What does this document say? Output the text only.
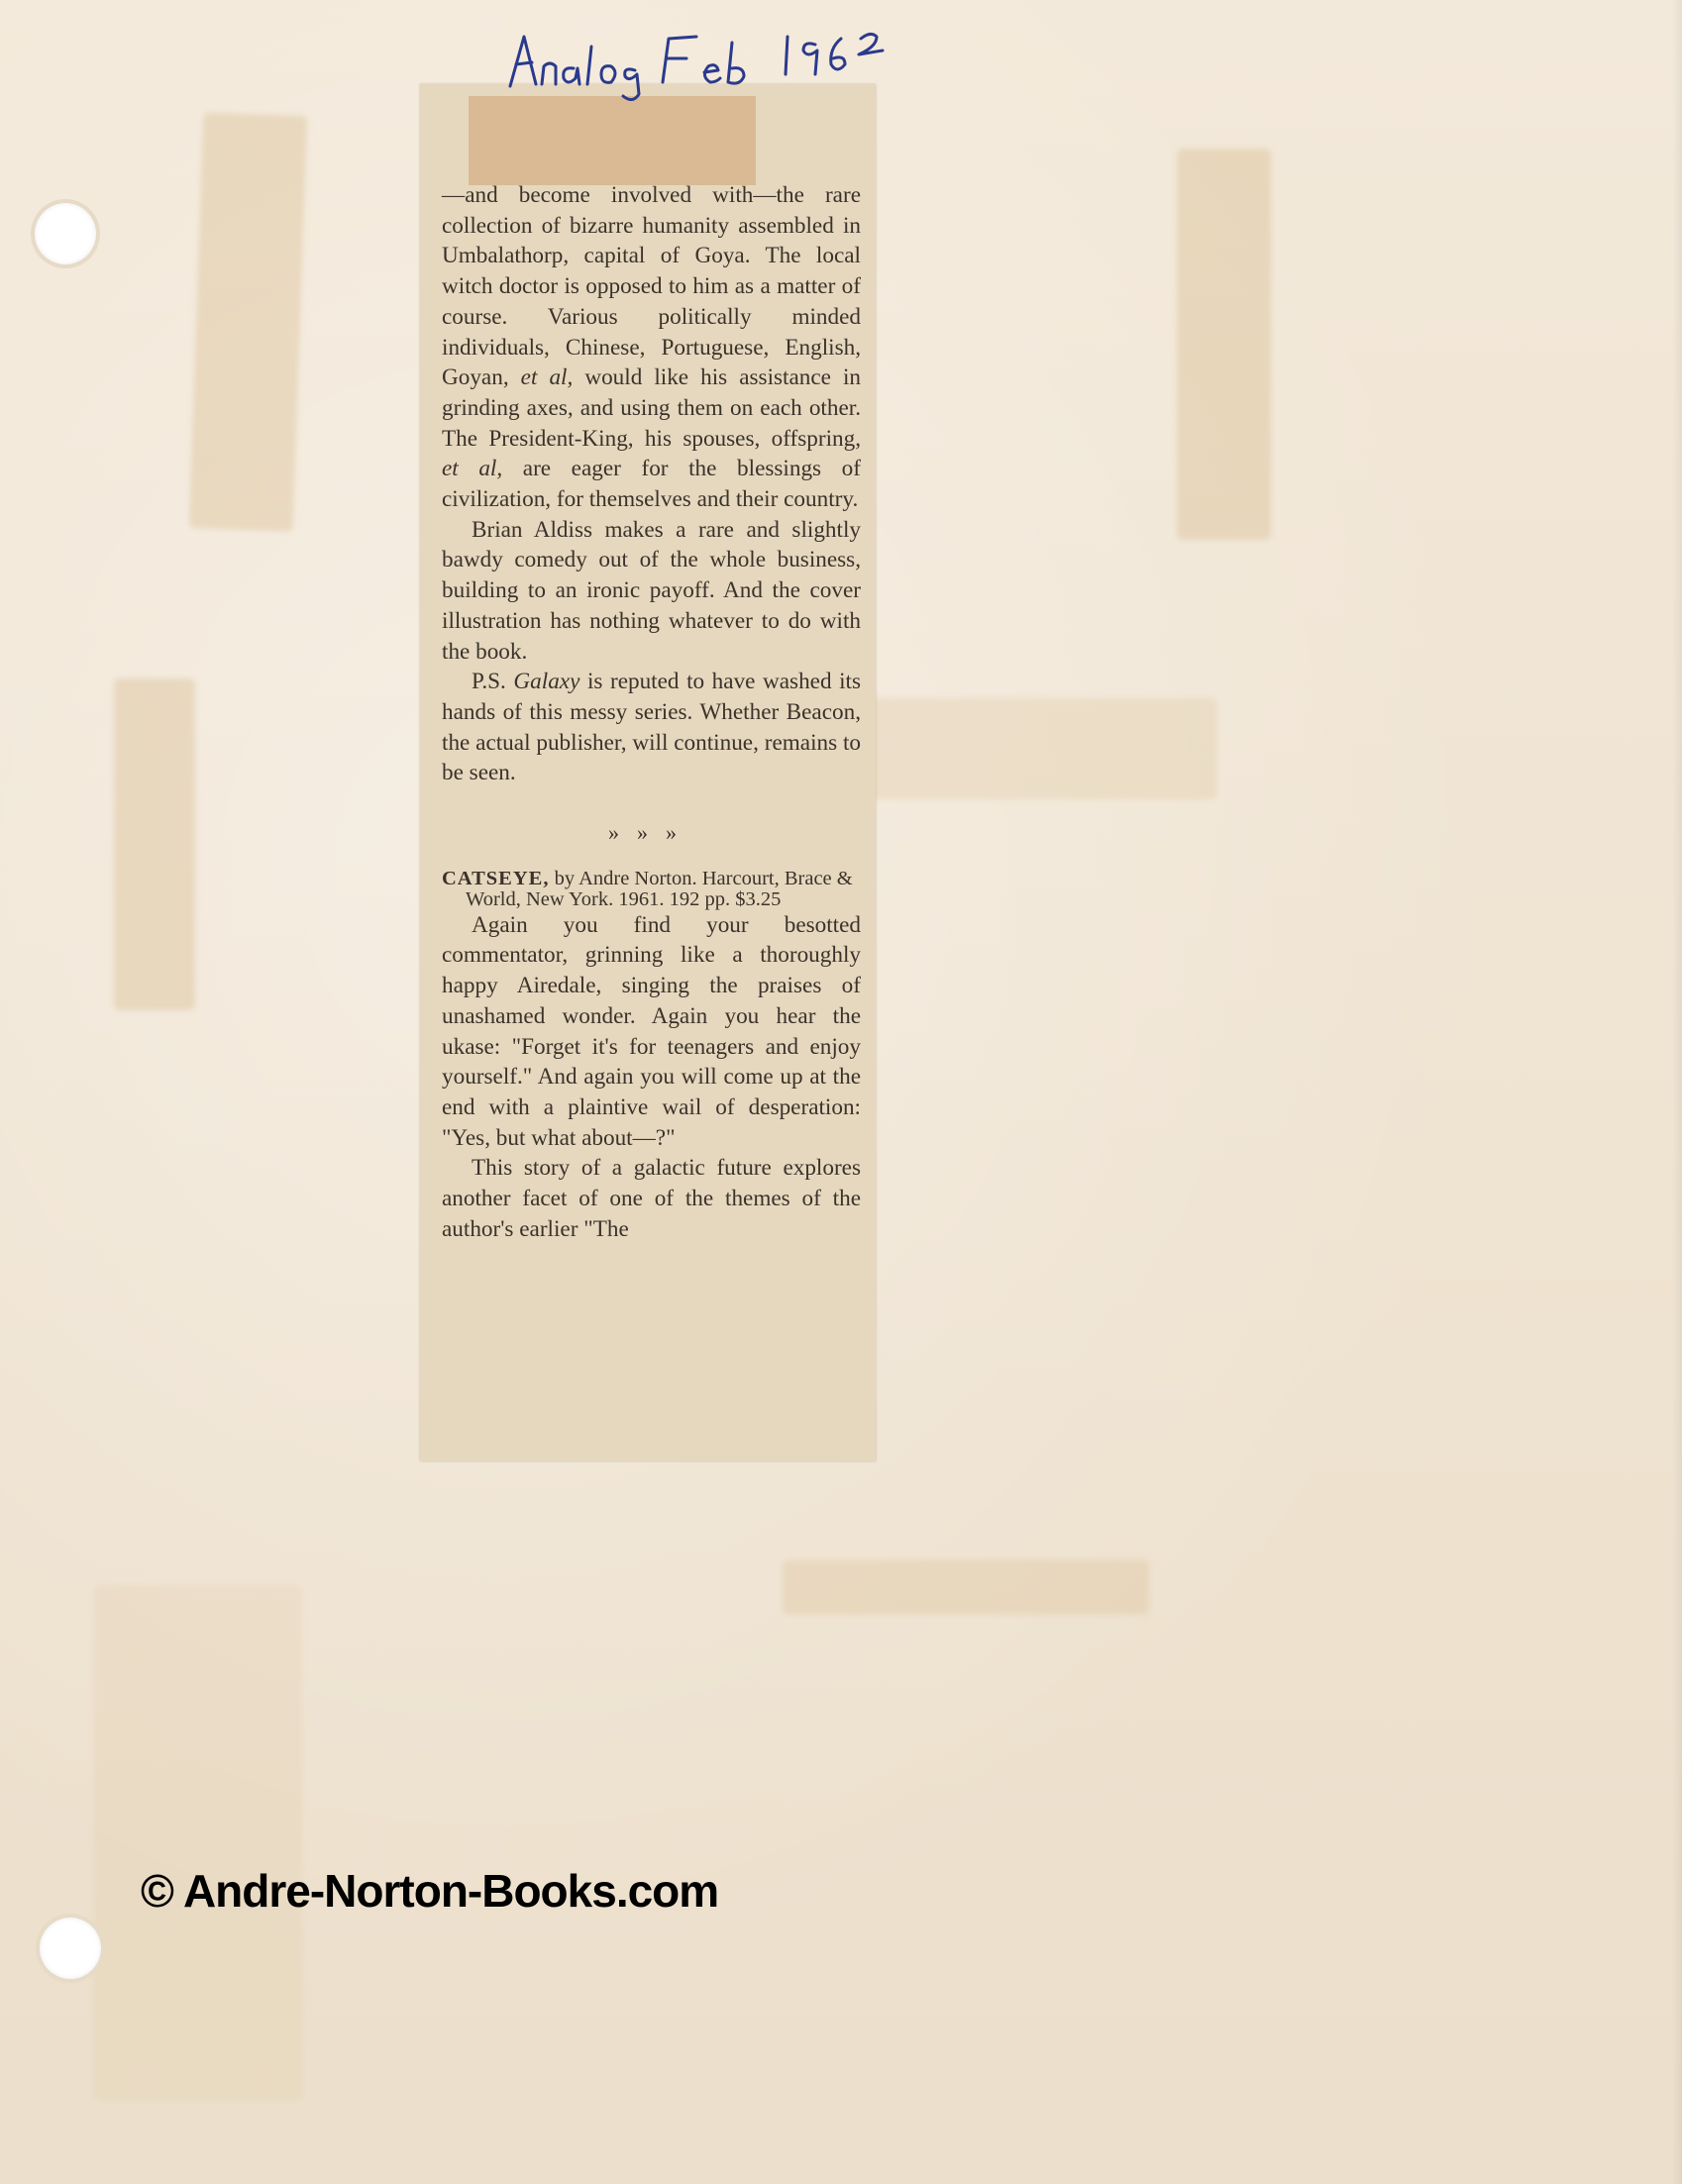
—and become involved with—the rare collection of bizarre humanity assembled in Umbalathorp, capital of Goya. The local witch doctor is opposed to him as a matter of course. Various politically minded individuals, Chinese, Portuguese, English, Goyan, et al, would like his assistance in grinding axes, and using them on each other. The President-King, his spouses, offspring, et al, are eager for the blessings of civilization, for themselves and their country.

Brian Aldiss makes a rare and slightly bawdy comedy out of the whole business, building to an ironic payoff. And the cover illustration has nothing whatever to do with the book.

P.S. Galaxy is reputed to have washed its hands of this messy series. Whether Beacon, the actual publisher, will continue, remains to be seen.

»»»

CATSEYE, by Andre Norton. Harcourt, Brace & World, New York. 1961. 192 pp. $3.25

Again you find your besotted commentator, grinning like a thoroughly happy Airedale, singing the praises of unashamed wonder. Again you hear the ukase: "Forget it's for teenagers and enjoy yourself." And again you will come up at the end with a plaintive wail of desperation: "Yes, but what about—?"

This story of a galactic future explores another facet of one of the themes of the author's earlier "The

© Andre-Norton-Books.com
